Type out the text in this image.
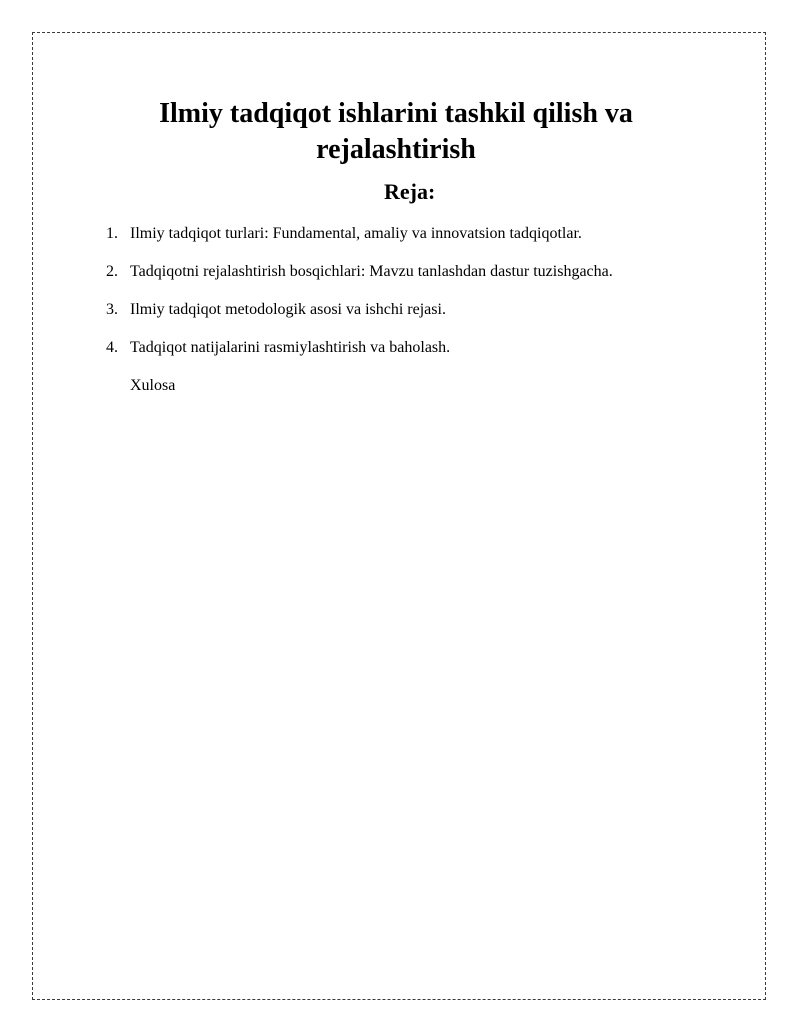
Ilmiy tadqiqot ishlarini tashkil qilish va rejalashtirish
Reja:
1. Ilmiy tadqiqot turlari: Fundamental, amaliy va innovatsion tadqiqotlar.
2. Tadqiqotni rejalashtirish bosqichlari: Mavzu tanlashdan dastur tuzishgacha.
3. Ilmiy tadqiqot metodologik asosi va ishchi rejasi.
4. Tadqiqot natijalarini rasmiylashtirish va baholash.

Xulosa
